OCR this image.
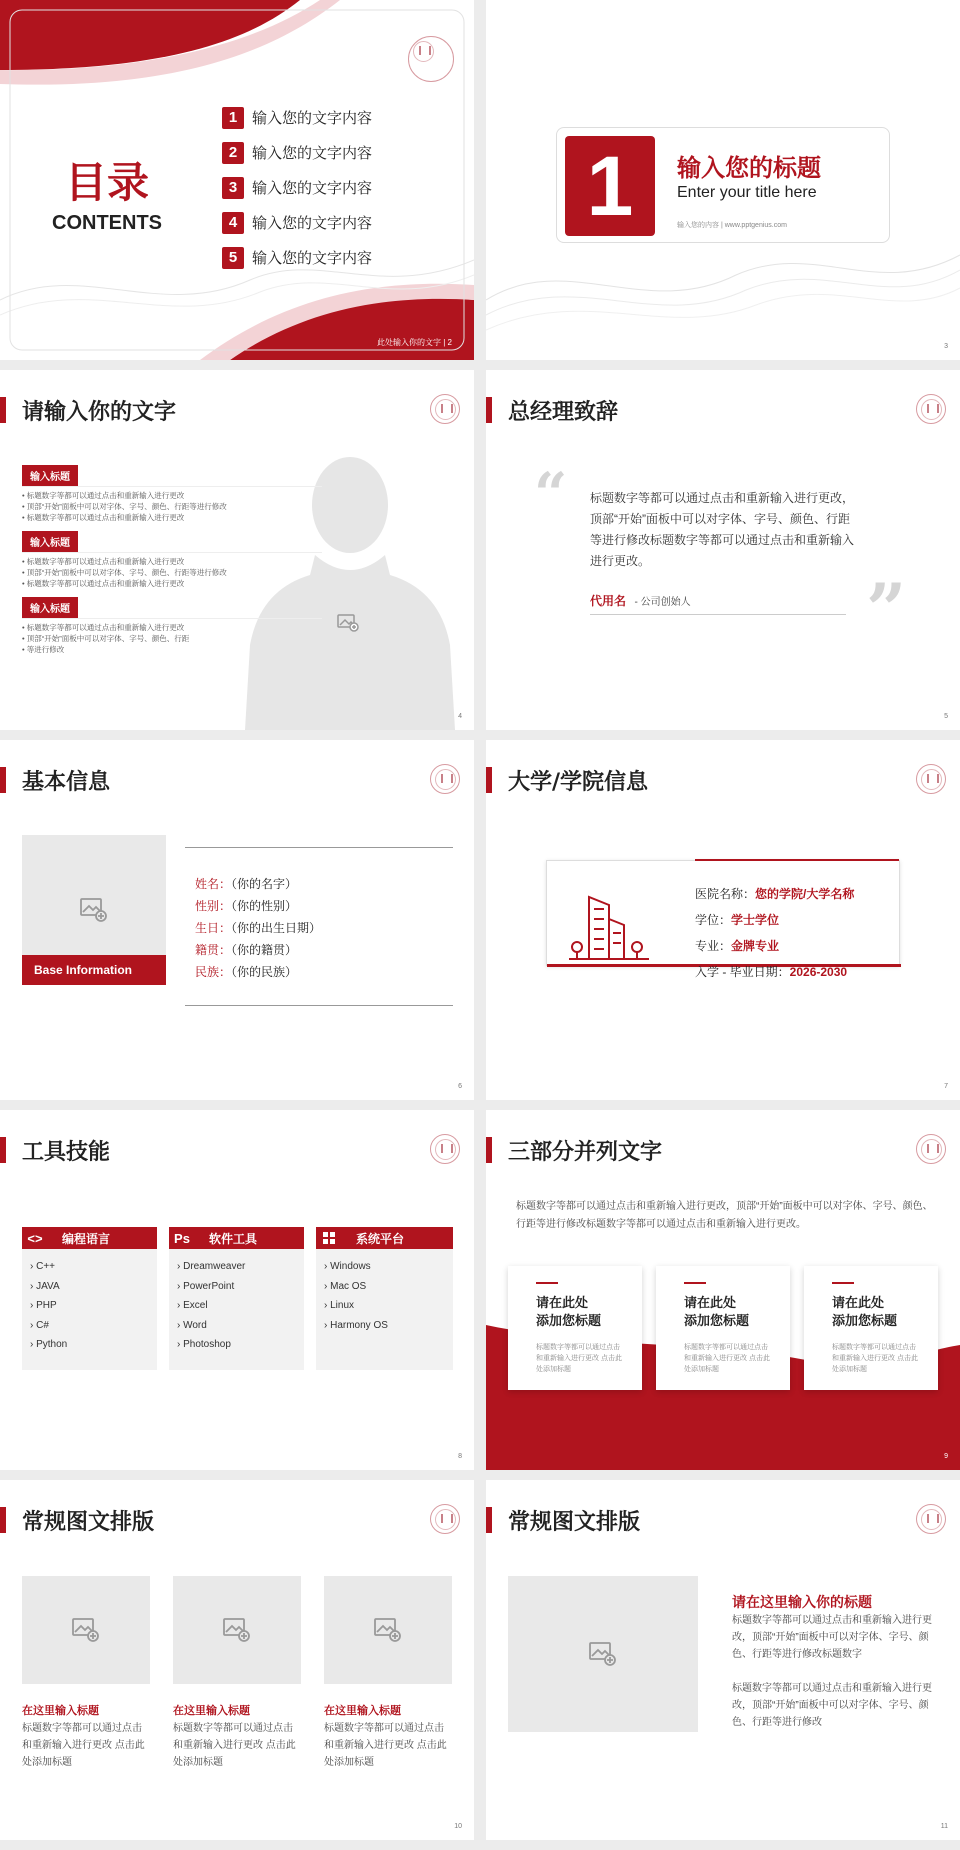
目录
CONTENTS
1 输入您的文字内容
2 输入您的文字内容
3 输入您的文字内容
4 输入您的文字内容
5 输入您的文字内容
此处输入你的文字 | 2
1	输入您的标题
Enter your title here
输入您的内容 | www.pptgenius.com
3
请输入你的文字
输入标题
• 标题数字等都可以通过点击和重新输入进行更改
• 顶部“开始”面板中可以对字体、字号、颜色、行距等进行修改
• 标题数字等都可以通过点击和重新输入进行更改
输入标题
• 标题数字等都可以通过点击和重新输入进行更改
• 顶部“开始”面板中可以对字体、字号、颜色、行距等进行修改
• 标题数字等都可以通过点击和重新输入进行更改
输入标题
• 标题数字等都可以通过点击和重新输入进行更改
• 顶部“开始”面板中可以对字体、字号、颜色、行距
• 等进行修改
4
总经理致辞
“ 标题数字等都可以通过点击和重新输入进行更改，顶部“开始”面板中可以对字体、字号、颜色、行距等进行修改标题数字等都可以通过点击和重新输入进行更改。
代用名 - 公司创始人	”
5
基本信息
Base Information
姓名：（你的名字）
性别：（你的性别）
生日：（你的出生日期）
籍贯：（你的籍贯）
民族：（你的民族）
6
大学/学院信息
医院名称：您的学院/大学名称
学位：学士学位
专业：金牌专业
入学 - 毕业日期：2026-2030
7
工具技能
<>	编程语言
› C++
› JAVA
› PHP
› C#
› Python
Ps	软件工具
› Dreamweaver
› PowerPoint
› Excel
› Word
› Photoshop
系统平台
› Windows
› Mac OS
› Linux
› Harmony OS
8
三部分并列文字
标题数字等都可以通过点击和重新输入进行更改，顶部“开始”面板中可以对字体、字号、颜色、行距等进行修改标题数字等都可以通过点击和重新输入进行更改。
请在此处
添加您标题
标题数字等都可以通过点击和重新输入进行更改 点击此处添加标题
请在此处
添加您标题
标题数字等都可以通过点击和重新输入进行更改 点击此处添加标题
请在此处
添加您标题
标题数字等都可以通过点击和重新输入进行更改 点击此处添加标题
9
常规图文排版
在这里输入标题
标题数字等都可以通过点击和重新输入进行更改 点击此处添加标题
在这里输入标题
标题数字等都可以通过点击和重新输入进行更改 点击此处添加标题
在这里输入标题
标题数字等都可以通过点击和重新输入进行更改 点击此处添加标题
10
常规图文排版
请在这里输入你的标题
标题数字等都可以通过点击和重新输入进行更改，顶部“开始”面板中可以对字体、字号、颜色、行距等进行修改标题数字
标题数字等都可以通过点击和重新输入进行更改，顶部“开始”面板中可以对字体、字号、颜色、行距等进行修改
11
